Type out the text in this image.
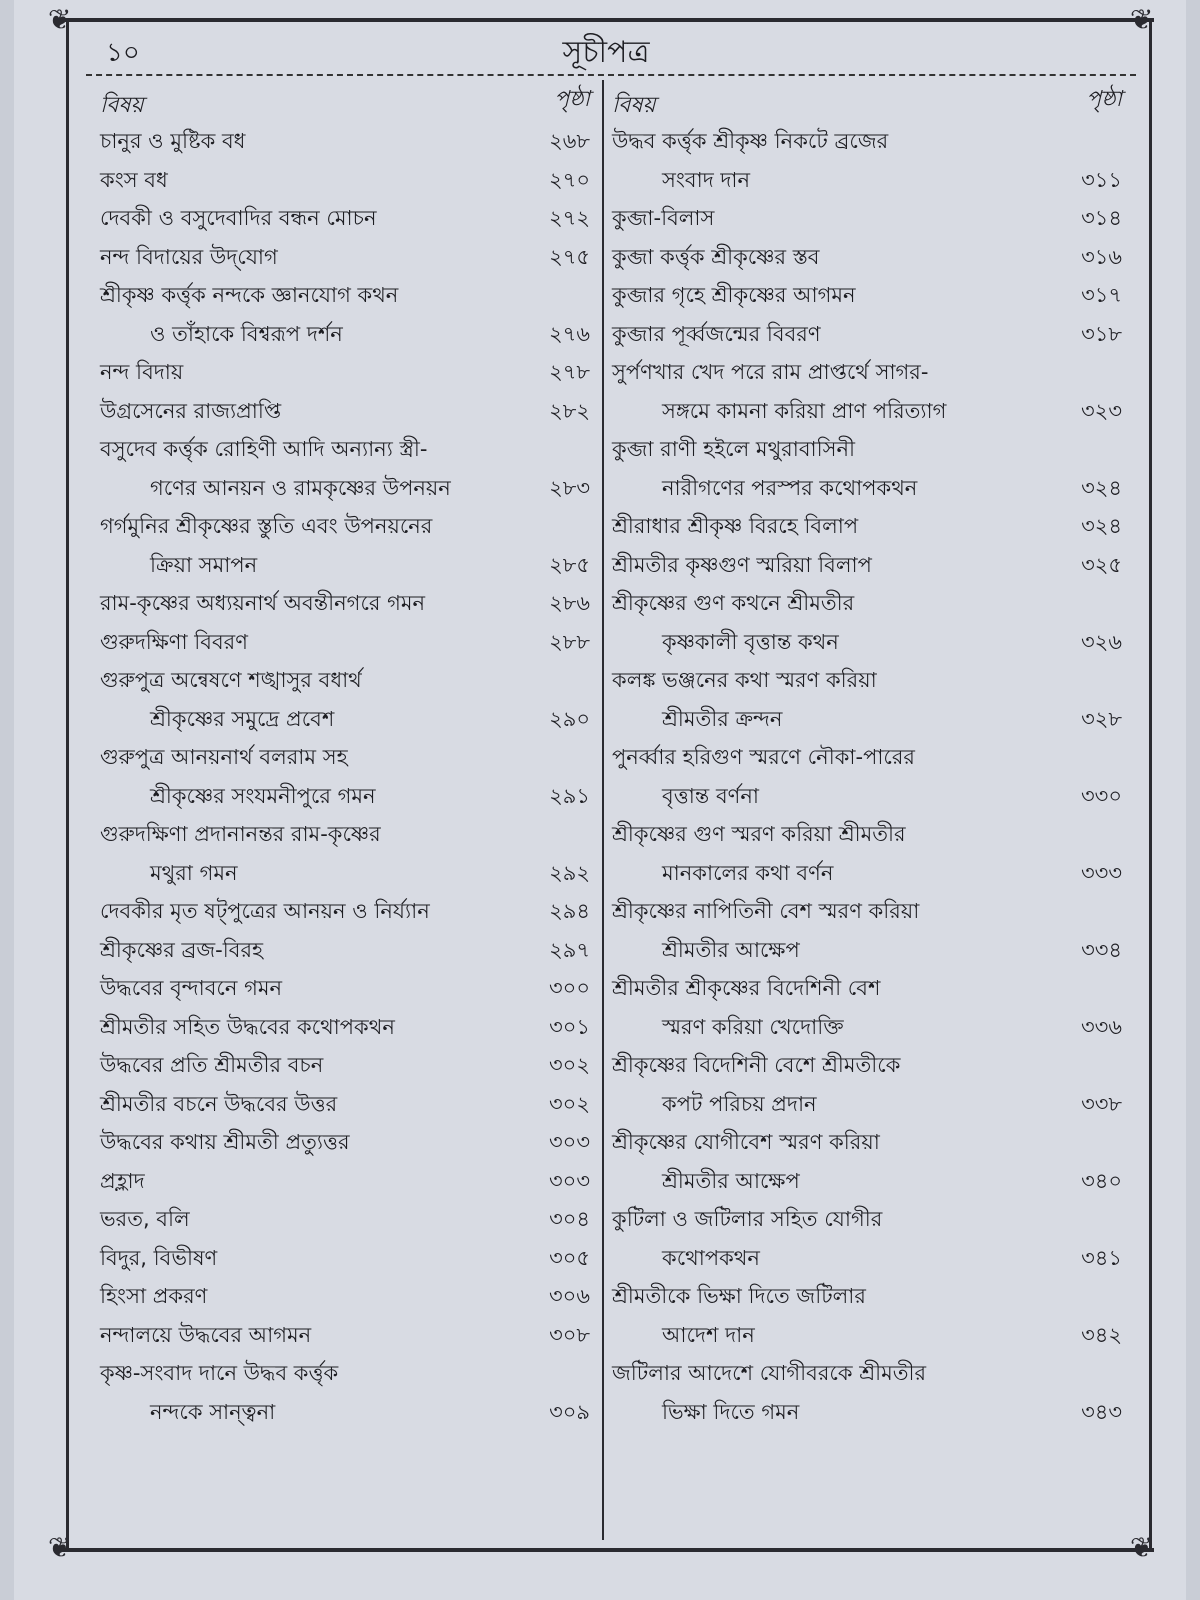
❦	❦
❦	❦
১০	সূচীপত্র
বিষয়	পৃষ্ঠা
চানুর ও মুষ্টিক বধ	২৬৮
কংস বধ	২৭০
দেবকী ও বসুদেবাদির বন্ধন মোচন	২৭২
নন্দ বিদায়ের উদ্‌যোগ	২৭৫
শ্রীকৃষ্ণ কর্ত্তৃক নন্দকে জ্ঞানযোগ কথন
ও তাঁহাকে বিশ্বরূপ দর্শন	২৭৬
নন্দ বিদায়	২৭৮
উগ্রসেনের রাজ্যপ্রাপ্তি	২৮২
বসুদেব কর্ত্তৃক রোহিণী আদি অন্যান্য স্ত্রী-
গণের আনয়ন ও রামকৃষ্ণের উপনয়ন	২৮৩
গর্গমুনির শ্রীকৃষ্ণের স্তুতি এবং উপনয়নের
ক্রিয়া সমাপন	২৮৫
রাম-কৃষ্ণের অধ্যয়নার্থ অবন্তীনগরে গমন	২৮৬
গুরুদক্ষিণা বিবরণ	২৮৮
গুরুপুত্র অন্বেষণে শঙ্খাসুর বধার্থ
শ্রীকৃষ্ণের সমুদ্রে প্রবেশ	২৯০
গুরুপুত্র আনয়নার্থ বলরাম সহ
শ্রীকৃষ্ণের সংযমনীপুরে গমন	২৯১
গুরুদক্ষিণা প্রদানানন্তর রাম-কৃষ্ণের
মথুরা গমন	২৯২
দেবকীর মৃত ষট্‌পুত্রের আনয়ন ও নির্য্যান	২৯৪
শ্রীকৃষ্ণের ব্রজ-বিরহ	২৯৭
উদ্ধবের বৃন্দাবনে গমন	৩০০
শ্রীমতীর সহিত উদ্ধবের কথোপকথন	৩০১
উদ্ধবের প্রতি শ্রীমতীর বচন	৩০২
শ্রীমতীর বচনে উদ্ধবের উত্তর	৩০২
উদ্ধবের কথায় শ্রীমতী প্রত্যুত্তর	৩০৩
প্রহ্লাদ	৩০৩
ভরত, বলি	৩০৪
বিদুর, বিভীষণ	৩০৫
হিংসা প্রকরণ	৩০৬
নন্দালয়ে উদ্ধবের আগমন	৩০৮
কৃষ্ণ-সংবাদ দানে উদ্ধব কর্ত্তৃক
নন্দকে সান্ত্বনা	৩০৯
বিষয়	পৃষ্ঠা
উদ্ধব কর্ত্তৃক শ্রীকৃষ্ণ নিকটে ব্রজের
সংবাদ দান	৩১১
কুব্জা-বিলাস	৩১৪
কুব্জা কর্ত্তৃক শ্রীকৃষ্ণের স্তব	৩১৬
কুব্জার গৃহে শ্রীকৃষ্ণের আগমন	৩১৭
কুব্জার পূর্ব্বজন্মের বিবরণ	৩১৮
সুর্পণখার খেদ পরে রাম প্রাপ্তর্থে সাগর-
সঙ্গমে কামনা করিয়া প্রাণ পরিত্যাগ	৩২৩
কুব্জা রাণী হইলে মথুরাবাসিনী
নারীগণের পরস্পর কথোপকথন	৩২৪
শ্রীরাধার শ্রীকৃষ্ণ বিরহে বিলাপ	৩২৪
শ্রীমতীর কৃষ্ণগুণ স্মরিয়া বিলাপ	৩২৫
শ্রীকৃষ্ণের গুণ কথনে শ্রীমতীর
কৃষ্ণকালী বৃত্তান্ত কথন	৩২৬
কলঙ্ক ভঞ্জনের কথা স্মরণ করিয়া
শ্রীমতীর ক্রন্দন	৩২৮
পুনর্ব্বার হরিগুণ স্মরণে নৌকা-পারের
বৃত্তান্ত বর্ণনা	৩৩০
শ্রীকৃষ্ণের গুণ স্মরণ করিয়া শ্রীমতীর
মানকালের কথা বর্ণন	৩৩৩
শ্রীকৃষ্ণের নাপিতিনী বেশ স্মরণ করিয়া
শ্রীমতীর আক্ষেপ	৩৩৪
শ্রীমতীর শ্রীকৃষ্ণের বিদেশিনী বেশ
স্মরণ করিয়া খেদোক্তি	৩৩৬
শ্রীকৃষ্ণের বিদেশিনী বেশে শ্রীমতীকে
কপট পরিচয় প্রদান	৩৩৮
শ্রীকৃষ্ণের যোগীবেশ স্মরণ করিয়া
শ্রীমতীর আক্ষেপ	৩৪০
কুটিলা ও জটিলার সহিত যোগীর
কথোপকথন	৩৪১
শ্রীমতীকে ভিক্ষা দিতে জটিলার
আদেশ দান	৩৪২
জটিলার আদেশে যোগীবরকে শ্রীমতীর
ভিক্ষা দিতে গমন	৩৪৩
